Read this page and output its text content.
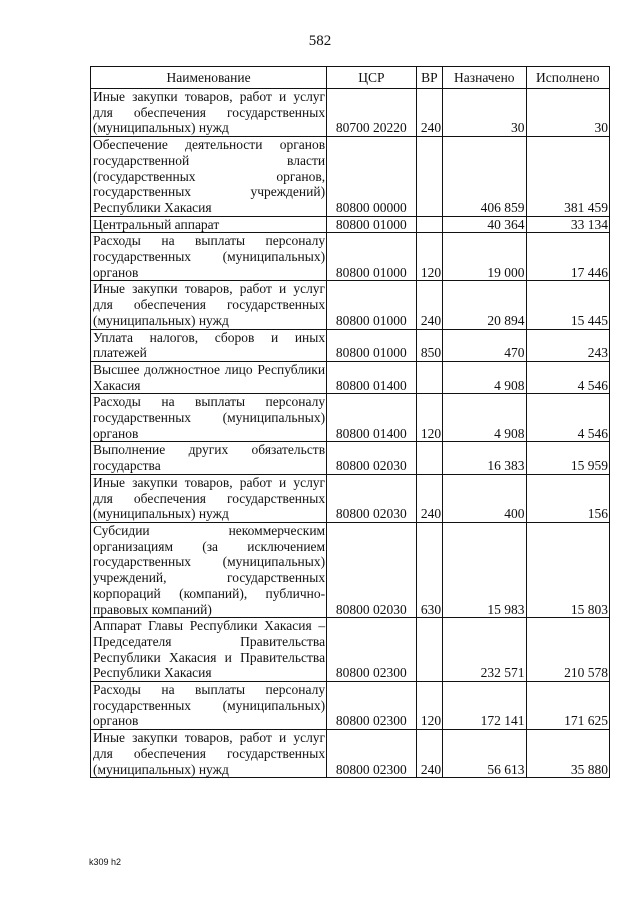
582
Наименование	ЦСР	ВР	Назначено	Исполнено
Иные закупки товаров, работ и услуг для обеспечения государственных (муниципальных) нужд	80700 20220	240	30	30
Обеспечение деятельности органов государственной власти (государственных органов, государственных учреждений) Республики Хакасия	80800 00000		406 859	381 459
Центральный аппарат	80800 01000		40 364	33 134
Расходы на выплаты персоналу государственных (муниципальных) органов	80800 01000	120	19 000	17 446
Иные закупки товаров, работ и услуг для обеспечения государственных (муниципальных) нужд	80800 01000	240	20 894	15 445
Уплата налогов, сборов и иных платежей	80800 01000	850	470	243
Высшее должностное лицо Республики Хакасия	80800 01400		4 908	4 546
Расходы на выплаты персоналу государственных (муниципальных) органов	80800 01400	120	4 908	4 546
Выполнение других обязательств государства	80800 02030		16 383	15 959
Иные закупки товаров, работ и услуг для обеспечения государственных (муниципальных) нужд	80800 02030	240	400	156
Субсидии некоммерческим организациям (за исключением государственных (муниципальных) учреждений, государственных корпораций (компаний), публично-правовых компаний)	80800 02030	630	15 983	15 803
Аппарат Главы Республики Хакасия – Председателя Правительства Республики Хакасия и Правительства Республики Хакасия	80800 02300		232 571	210 578
Расходы на выплаты персоналу государственных (муниципальных) органов	80800 02300	120	172 141	171 625
Иные закупки товаров, работ и услуг для обеспечения государственных (муниципальных) нужд	80800 02300	240	56 613	35 880
k309 h2
